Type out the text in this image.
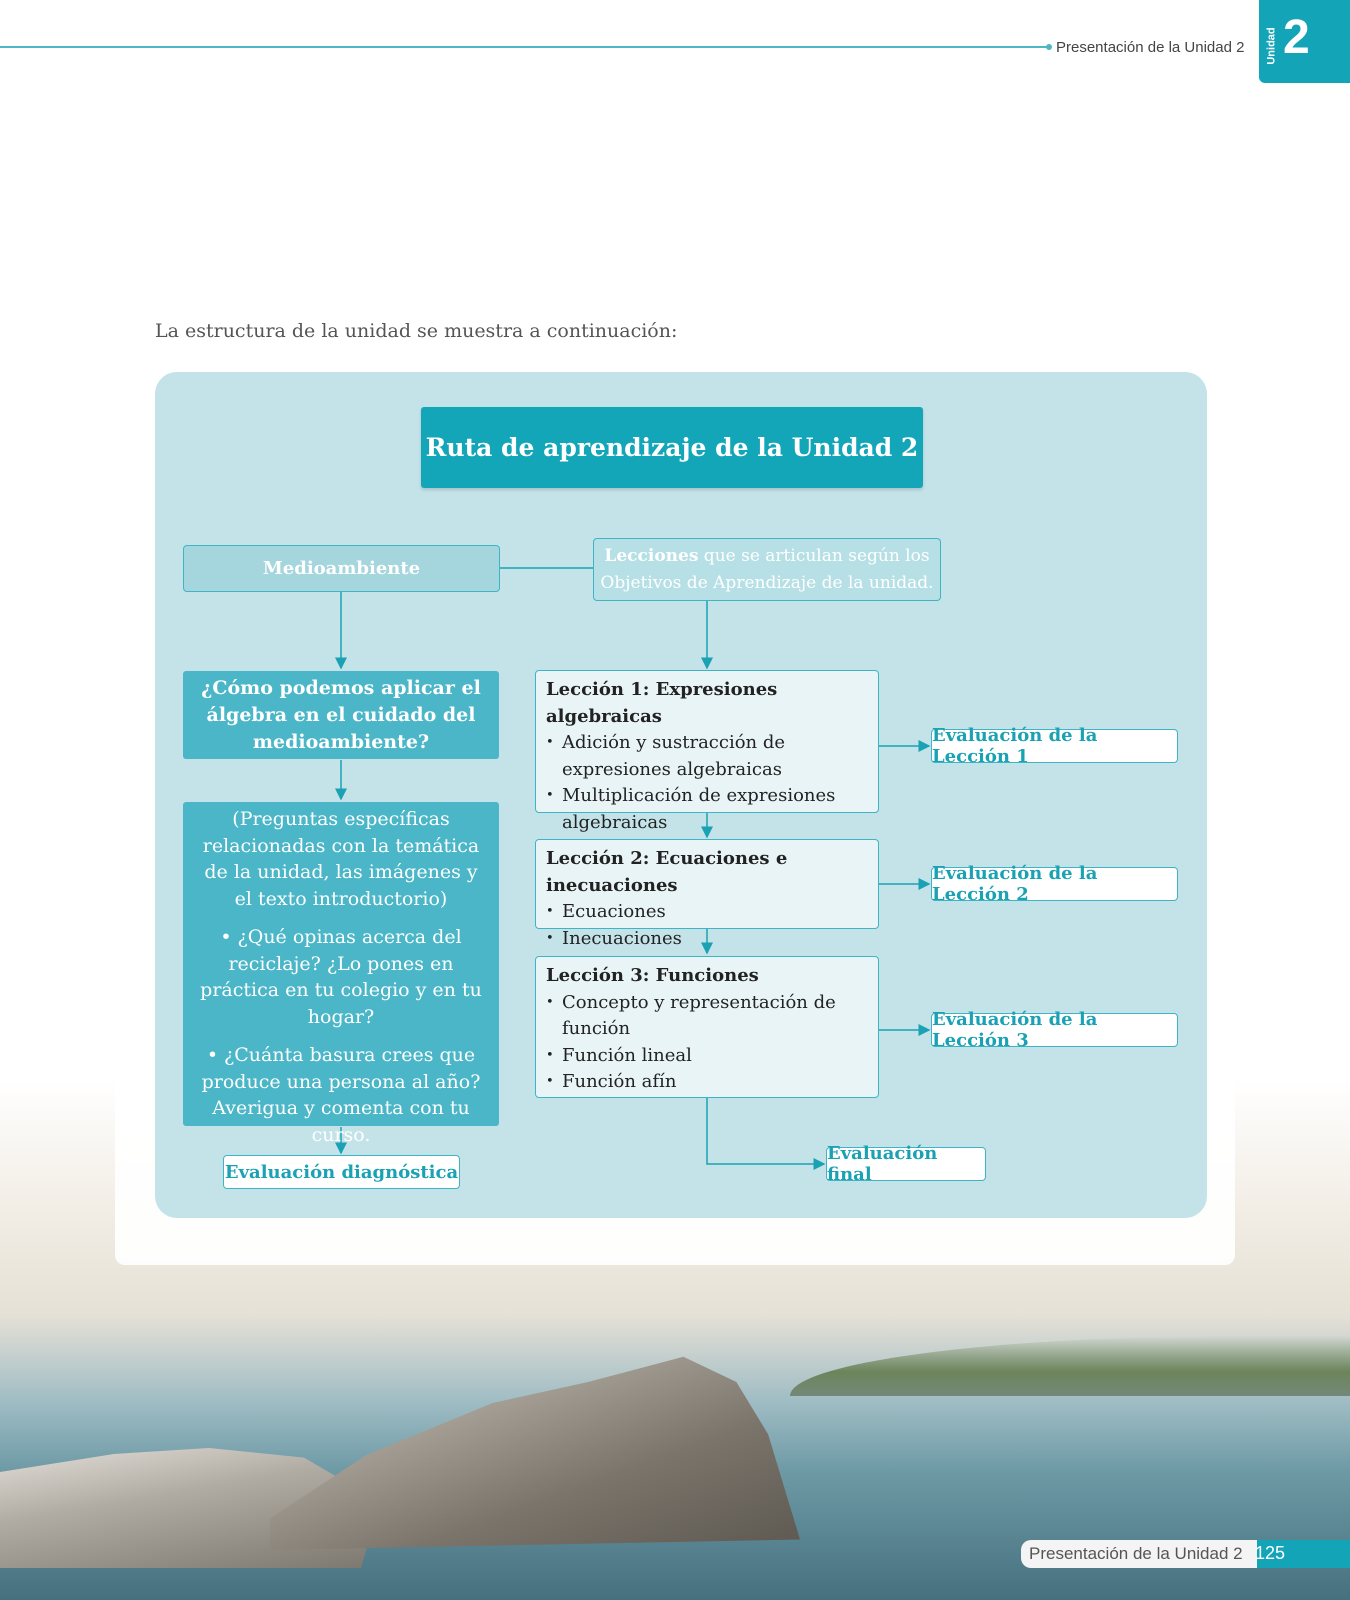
Presentación de la Unidad 2 Unidad 2
La estructura de la unidad se muestra a continuación:
Ruta de aprendizaje de la Unidad 2
Medioambiente
¿Cómo podemos aplicar el álgebra en el cuidado del medioambiente?

(Preguntas específicas relacionadas con la temática de la unidad, las imágenes y el texto introductorio)

• ¿Qué opinas acerca del reciclaje? ¿Lo pones en práctica en tu colegio y en tu hogar?

• ¿Cuánta basura crees que produce una persona al año? Averigua y comenta con tu curso.

Evaluación diagnóstica
Lecciones que se articulan según los
Objetivos de Aprendizaje de la unidad.
Lección 1: Expresiones algebraicas
• Adición y sustracción de expresiones algebraicas
• Multiplicación de expresiones algebraicas
Evaluación de la Lección 1
Lección 2: Ecuaciones e inecuaciones
• Ecuaciones
• Inecuaciones
Evaluación de la Lección 2
Lección 3: Funciones
• Concepto y representación de función
• Función lineal
• Función afín
Evaluación de la Lección 3
Evaluación final
Presentación de la Unidad 2 125
